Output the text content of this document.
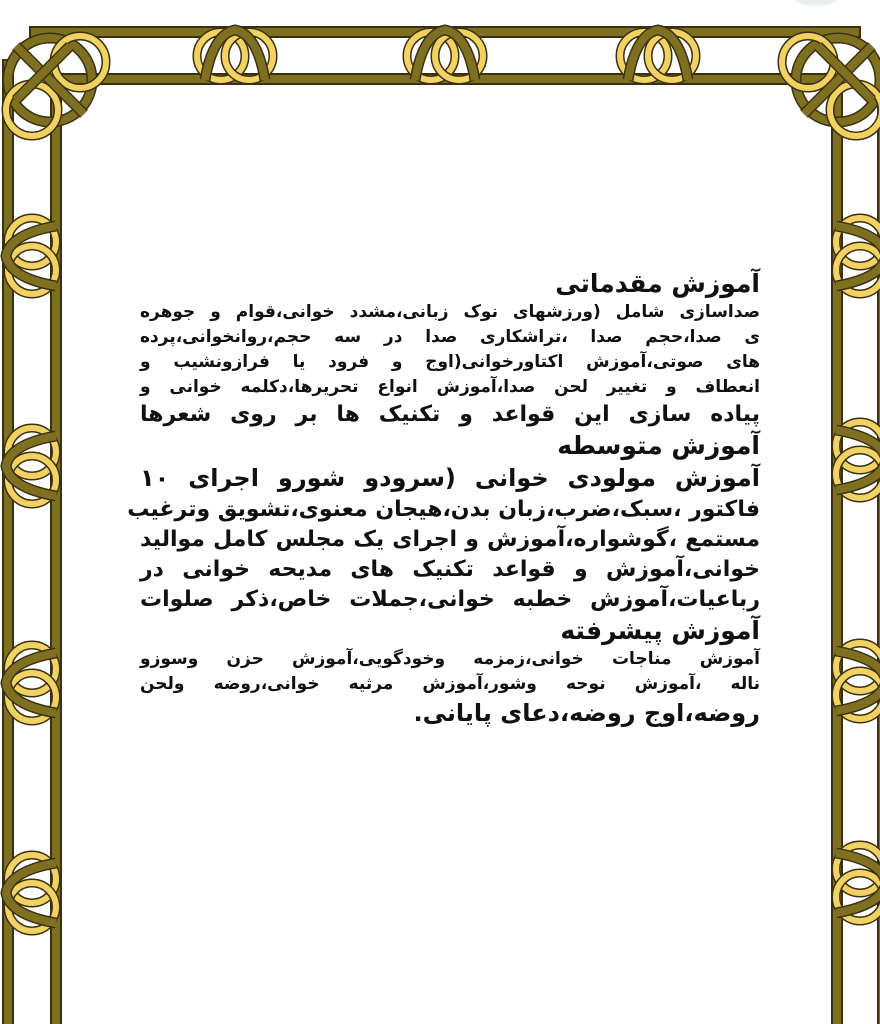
آموزش مقدماتی
صداسازی شامل (ورزشهای نوک زبانی،مشدد خوانی،قوام و جوهره
ی صدا،حجم صدا ،تراشکاری صدا در سه حجم،روانخوانی،پرده
های صوتی،آموزش اکتاورخوانی(اوج و فرود یا فرازونشیب و
انعطاف و تغییر لحن صدا،آموزش انواع تحریرها،دکلمه خوانی و
پیاده سازی این قواعد و تکنیک ها بر روی شعرها
آموزش متوسطه
آموزش مولودی خوانی (سرودو شورو اجرای ۱۰
فاکتور ،سبک،ضرب،زبان بدن،هیجان معنوی،تشویق وترغیب
مستمع ،گوشواره،آموزش و اجرای یک مجلس کامل موالید
خوانی،آموزش و قواعد تکنیک های مدیحه خوانی در
رباعیات،آموزش خطبه خوانی،جملات خاص،ذکر صلوات
آموزش پیشرفته
آموزش مناجات خوانی،زمزمه وخودگویی،آموزش حزن وسوزو
ناله ،آموزش نوحه وشور،آموزش مرثیه خوانی،روضه ولحن
روضه،اوج روضه،دعای پایانی.
